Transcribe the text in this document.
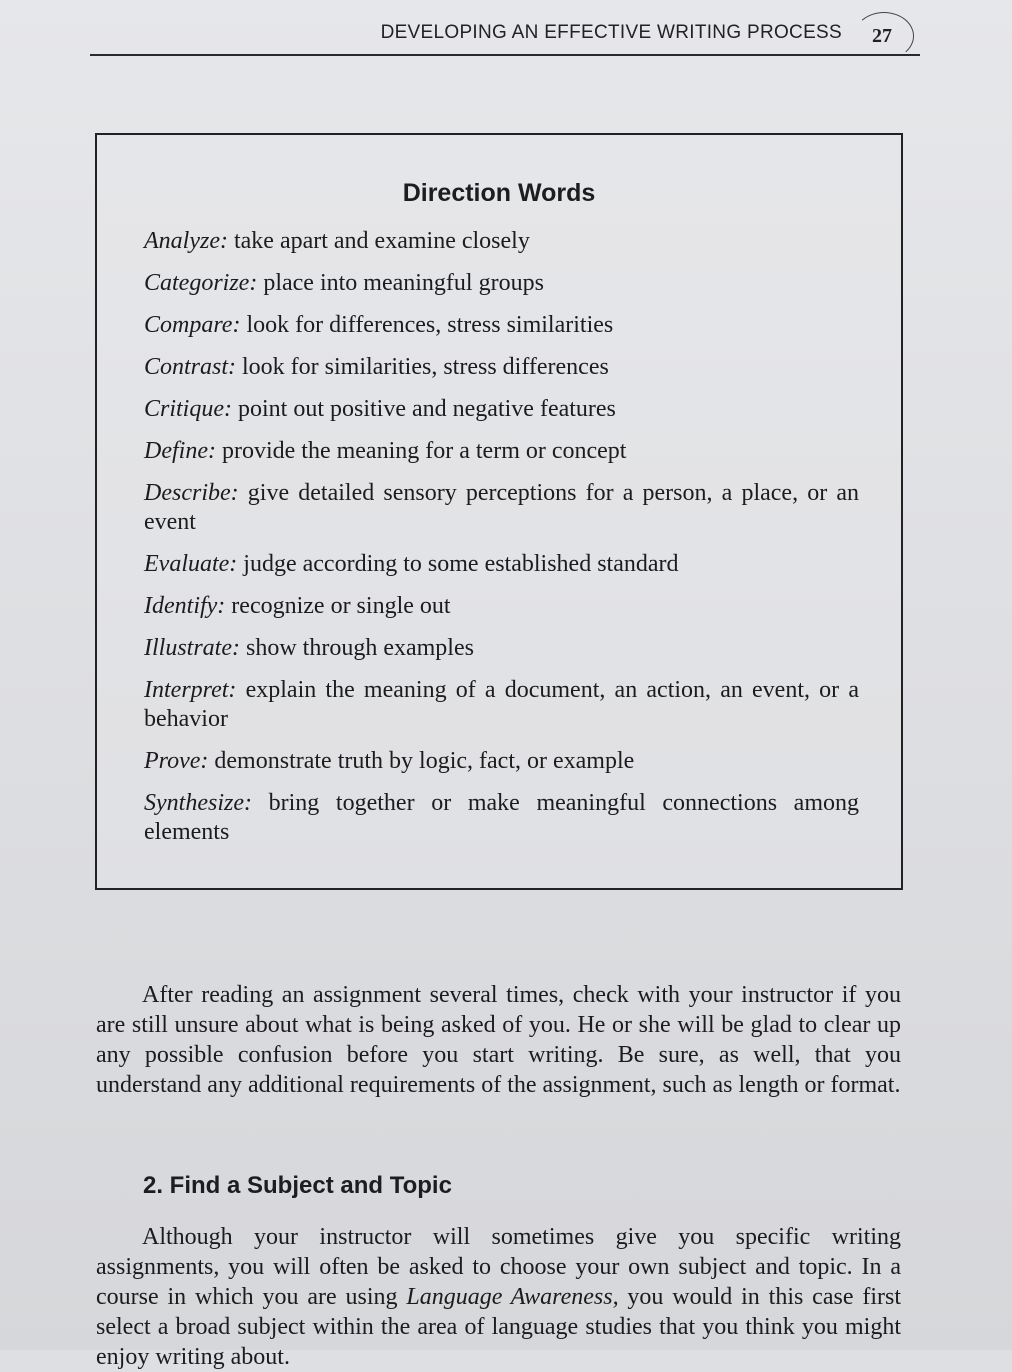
DEVELOPING AN EFFECTIVE WRITING PROCESS	27
Direction Words

Analyze: take apart and examine closely

Categorize: place into meaningful groups

Compare: look for differences, stress similarities

Contrast: look for similarities, stress differences

Critique: point out positive and negative features

Define: provide the meaning for a term or concept

Describe: give detailed sensory perceptions for a person, a place, or an event

Evaluate: judge according to some established standard

Identify: recognize or single out

Illustrate: show through examples

Interpret: explain the meaning of a document, an action, an event, or a behavior

Prove: demonstrate truth by logic, fact, or example

Synthesize: bring together or make meaningful connections among elements

After reading an assignment several times, check with your instructor if you are still unsure about what is being asked of you. He or she will be glad to clear up any possible confusion before you start writing. Be sure, as well, that you understand any additional requirements of the assignment, such as length or format.

2. Find a Subject and Topic

Although your instructor will sometimes give you specific writing assignments, you will often be asked to choose your own subject and topic. In a course in which you are using Language Awareness, you would in this case first select a broad subject within the area of language studies that you think you might enjoy writing about.
